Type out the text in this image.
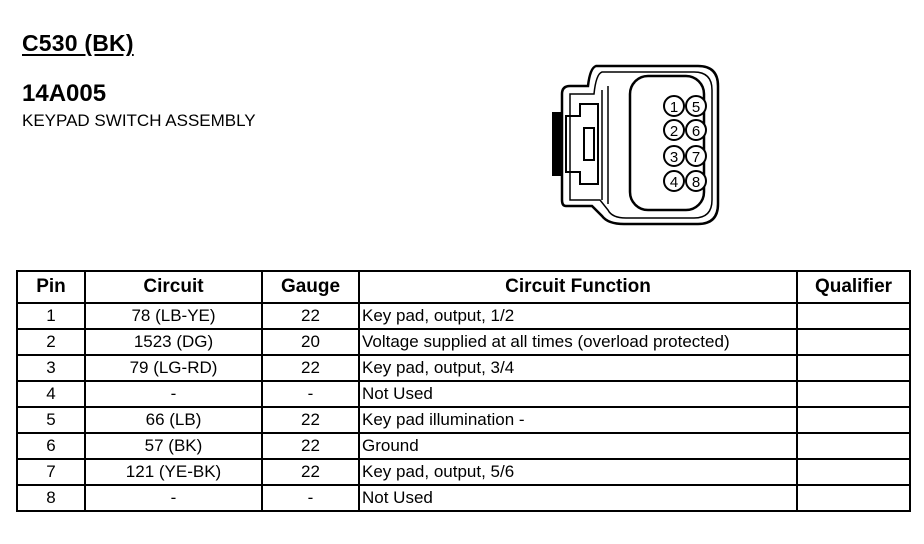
C530 (BK)
14A005
KEYPAD SWITCH ASSEMBLY
1 5
2 6
3 7
4 8
Pin	Circuit	Gauge	Circuit Function	Qualifier
1	78 (LB-YE)	22	Key pad, output, 1/2	
2	1523 (DG)	20	Voltage supplied at all times (overload protected)	
3	79 (LG-RD)	22	Key pad, output, 3/4	
4	-	-	Not Used	
5	66 (LB)	22	Key pad illumination -	
6	57 (BK)	22	Ground	
7	121 (YE-BK)	22	Key pad, output, 5/6	
8	-	-	Not Used	
